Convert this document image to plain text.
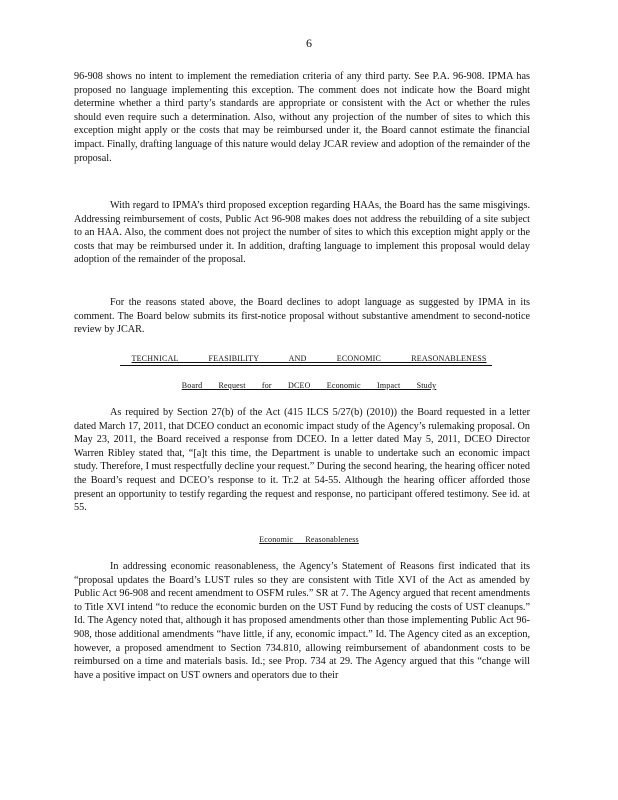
6

96-908 shows no intent to implement the remediation criteria of any third party. See P.A. 96-908. IPMA has proposed no language implementing this exception. The comment does not indicate how the Board might determine whether a third party’s standards are appropriate or consistent with the Act or whether the rules should even require such a determination. Also, without any projection of the number of sites to which this exception might apply or the costs that may be reimbursed under it, the Board cannot estimate the financial impact. Finally, drafting language of this nature would delay JCAR review and adoption of the remainder of the proposal.

With regard to IPMA’s third proposed exception regarding HAAs, the Board has the same misgivings. Addressing reimbursement of costs, Public Act 96-908 makes does not address the rebuilding of a site subject to an HAA. Also, the comment does not project the number of sites to which this exception might apply or the costs that may be reimbursed under it. In addition, drafting language to implement this proposal would delay adoption of the remainder of the proposal.

For the reasons stated above, the Board declines to adopt language as suggested by IPMA in its comment. The Board below submits its first-notice proposal without substantive amendment to second-notice review by JCAR.

TECHNICAL FEASIBILITY AND ECONOMIC REASONABLENESS
Board Request for DCEO Economic Impact Study

As required by Section 27(b) of the Act (415 ILCS 5/27(b) (2010)) the Board requested in a letter dated March 17, 2011, that DCEO conduct an economic impact study of the Agency’s rulemaking proposal. On May 23, 2011, the Board received a response from DCEO. In a letter dated May 5, 2011, DCEO Director Warren Ribley stated that, “[a]t this time, the Department is unable to undertake such an economic impact study. Therefore, I must respectfully decline your request.” During the second hearing, the hearing officer noted the Board’s request and DCEO’s response to it. Tr.2 at 54-55. Although the hearing officer afforded those present an opportunity to testify regarding the request and response, no participant offered testimony. See id. at 55.

Economic Reasonableness

In addressing economic reasonableness, the Agency’s Statement of Reasons first indicated that its “proposal updates the Board’s LUST rules so they are consistent with Title XVI of the Act as amended by Public Act 96-908 and recent amendment to OSFM rules.” SR at 7. The Agency argued that recent amendments to Title XVI intend “to reduce the economic burden on the UST Fund by reducing the costs of UST cleanups.” Id. The Agency noted that, although it has proposed amendments other than those implementing Public Act 96-908, those additional amendments “have little, if any, economic impact.” Id. The Agency cited as an exception, however, a proposed amendment to Section 734.810, allowing reimbursement of abandonment costs to be reimbursed on a time and materials basis. Id.; see Prop. 734 at 29. The Agency argued that this “change will have a positive impact on UST owners and operators due to their
